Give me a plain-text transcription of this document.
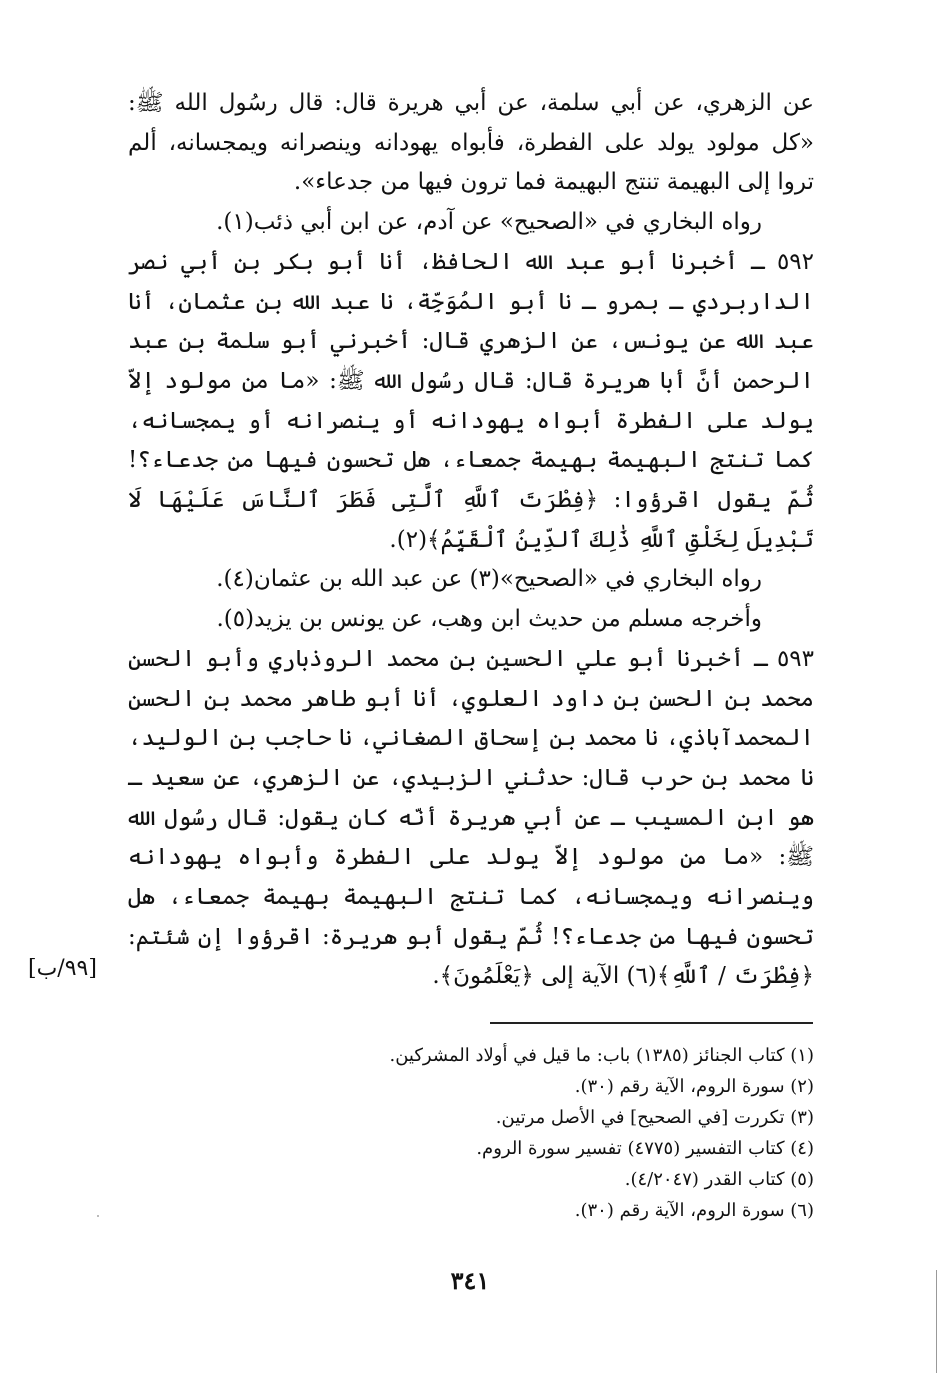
عن الزهري، عن أبي سلمة، عن أبي هريرة قال: قال رسُول الله ﷺ: «كل مولود يولد على الفطرة، فأبواه يهودانه وينصرانه ويمجسانه، ألم تروا إلى البهيمة تنتج البهيمة فما ترون فيها من جدعاء».

رواه البخاري في «الصحيح» عن آدم، عن ابن أبي ذئب(١).

٥٩٢ ـ أخبرنا أبو عبد الله الحافظ، أنا أبو بكر بن أبي نصر الداربردي ـ بمرو ـ نا أبو المُوَجِّة، نا عبد الله بن عثمان، أنا عبد الله عن يونس، عن الزهري قال: أخبرني أبو سلمة بن عبد الرحمن أنَّ أبا هريرة قال: قال رسُول الله ﷺ: «ما من مولود إلاّ يولد على الفطرة أبواه يهودانه أو ينصرانه أو يمجسانه، كما تنتج البهيمة بهيمة جمعاء، هل تحسون فيها من جدعاء؟! ثُمّ يقول اقرؤوا: ﴿فِطْرَتَ ٱللَّهِ ٱلَّتِى فَطَرَ ٱلنَّاسَ عَلَيْهَا لَا تَبْدِيلَ لِخَلْقِ ٱللَّهِ ذَٰلِكَ ٱلدِّينُ ٱلْقَيِّمُ﴾(٢).

رواه البخاري في «الصحيح»(٣) عن عبد الله بن عثمان(٤).

وأخرجه مسلم من حديث ابن وهب، عن يونس بن يزيد(٥).

٥٩٣ ـ أخبرنا أبو علي الحسين بن محمد الروذباري وأبو الحسن محمد بن الحسن بن داود العلوي، أنا أبو طاهر محمد بن الحسن المحمدآباذي، نا محمد بن إسحاق الصغاني، نا حاجب بن الوليد، نا محمد بن حرب قال: حدثني الزبيدي، عن الزهري، عن سعيد ـ هو ابن المسيب ـ عن أبي هريرة أنّه كان يقول: قال رسُول الله ﷺ: «ما من مولود إلاّ يولد على الفطرة وأبواه يهودانه وينصرانه ويمجسانه، كما تنتج البهيمة بهيمة جمعاء، هل تحسون فيها من جدعاء؟! ثُمّ يقول أبو هريرة: اقرؤوا إن شئتم: ﴿فِطْرَتَ / ٱللَّهِ﴾(٦) الآية إلى ﴿يَعْلَمُونَ﴾.

[٩٩/ب]
(١) كتاب الجنائز (١٣٨٥) باب: ما قيل في أولاد المشركين.
(٢) سورة الروم، الآية رقم (٣٠).
(٣) تكررت [في الصحيح] في الأصل مرتين.
(٤) كتاب التفسير (٤٧٧٥) تفسير سورة الروم.
(٥) كتاب القدر (٤/٢٠٤٧).
(٦) سورة الروم، الآية رقم (٣٠).
٣٤١
